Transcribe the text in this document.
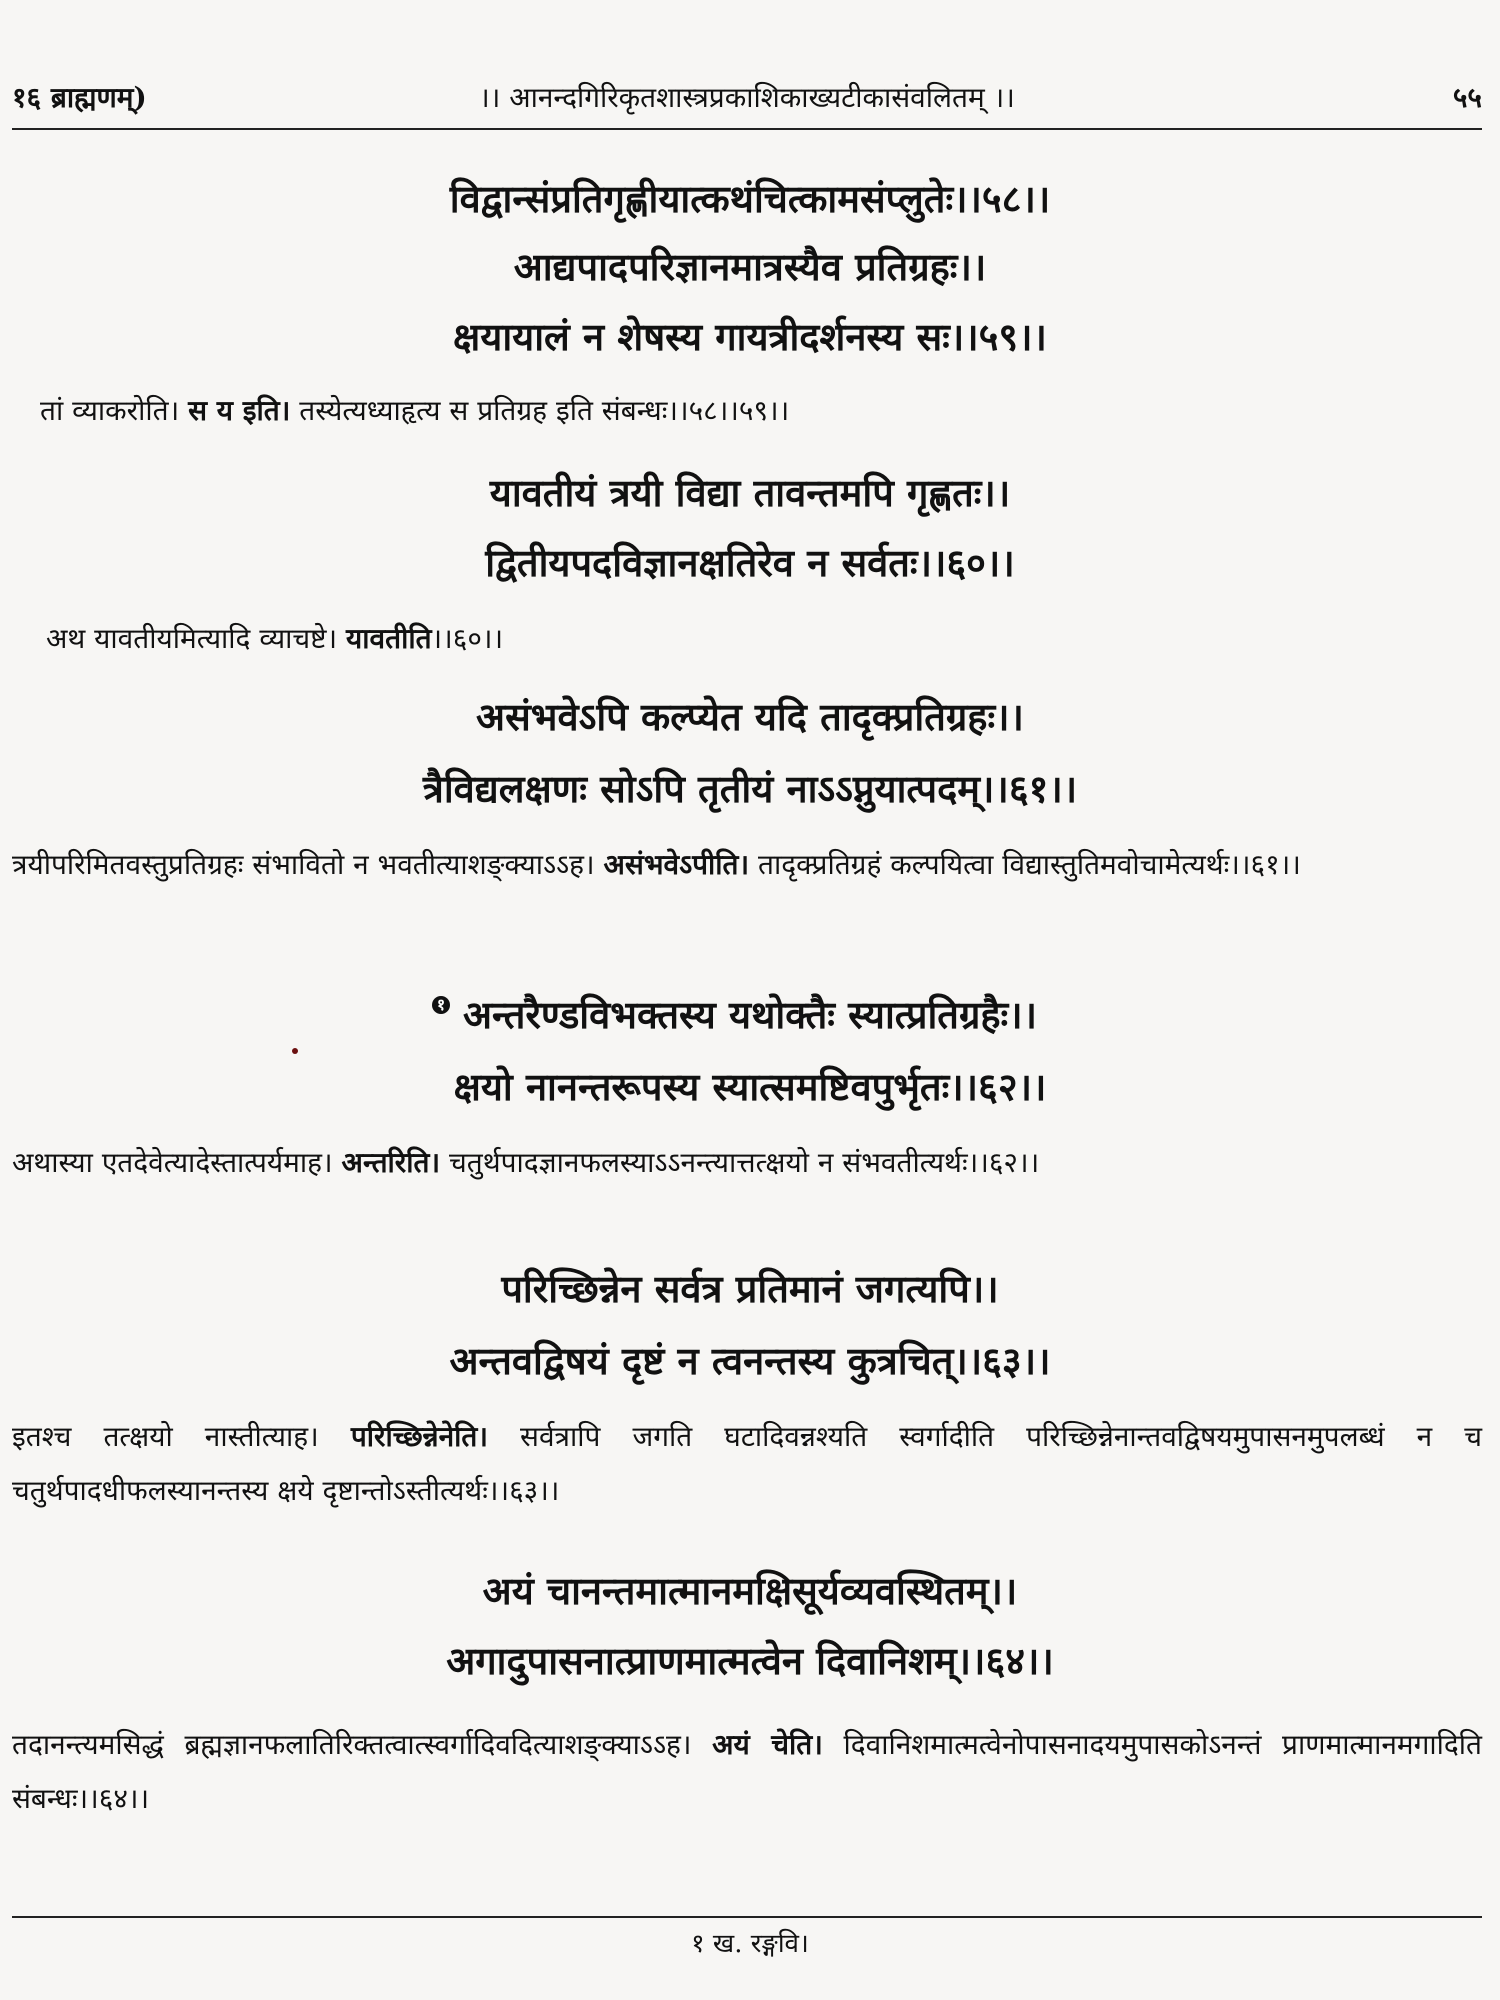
१६ ब्राह्मणम्)	।। आनन्दगिरिकृतशास्त्रप्रकाशिकाख्यटीकासंवलितम् ।।	५५
विद्वान्संप्रतिगृह्णीयात्कथंचित्कामसंप्लुतेः।।५८।।
आद्यपादपरिज्ञानमात्रस्यैव प्रतिग्रहः।।
क्षयायालं न शेषस्य गायत्रीदर्शनस्य सः।।५९।।
तां व्याकरोति। स य इति। तस्येत्यध्याहृत्य स प्रतिग्रह इति संबन्धः।।५८।।५९।।
यावतीयं त्रयी विद्या तावन्तमपि गृह्णतः।।
द्वितीयपदविज्ञानक्षतिरेव न सर्वतः।।६०।।
अथ यावतीयमित्यादि व्याचष्टे। यावतीति।।६०।।
असंभवेऽपि कल्प्येत यदि तादृक्प्रतिग्रहः।।
त्रैविद्यलक्षणः सोऽपि तृतीयं नाऽऽप्नुयात्पदम्।।६१।।
त्रयीपरिमितवस्तुप्रतिग्रहः संभावितो न भवतीत्याशङ्क्याऽऽह। असंभवेऽपीति। तादृक्प्रतिग्रहं कल्पयित्वा विद्यास्तुतिमवोचामेत्यर्थः।।६१।।
१ अन्तरैण्डविभक्तस्य यथोक्तैः स्यात्प्रतिग्रहैः।।
क्षयो नानन्तरूपस्य स्यात्समष्टिवपुर्भृतः।।६२।।
अथास्या एतदेवेत्यादेस्तात्पर्यमाह। अन्तरिति। चतुर्थपादज्ञानफलस्याऽऽनन्त्यात्तत्क्षयो न संभवतीत्यर्थः।।६२।।
परिच्छिन्नेन सर्वत्र प्रतिमानं जगत्यपि।।
अन्तवद्विषयं दृष्टं न त्वनन्तस्य कुत्रचित्।।६३।।
इतश्च तत्क्षयो नास्तीत्याह। परिच्छिन्नेनेति। सर्वत्रापि जगति घटादिवन्नश्यति स्वर्गादीति परिच्छिन्नेनान्तवद्विषयमुपासनमुपलब्धं न च चतुर्थपादधीफलस्यानन्तस्य क्षये दृष्टान्तोऽस्तीत्यर्थः।।६३।।
अयं चानन्तमात्मानमक्षिसूर्यव्यवस्थितम्।।
अगादुपासनात्प्राणमात्मत्वेन दिवानिशम्।।६४।।
तदानन्त्यमसिद्धं ब्रह्मज्ञानफलातिरिक्तत्वात्स्वर्गादिवदित्याशङ्क्याऽऽह। अयं चेति। दिवानिशमात्मत्वेनोपासनादयमुपासकोऽनन्तं प्राणमात्मानमगादिति संबन्धः।।६४।।
१ ख. रङ्गवि।
